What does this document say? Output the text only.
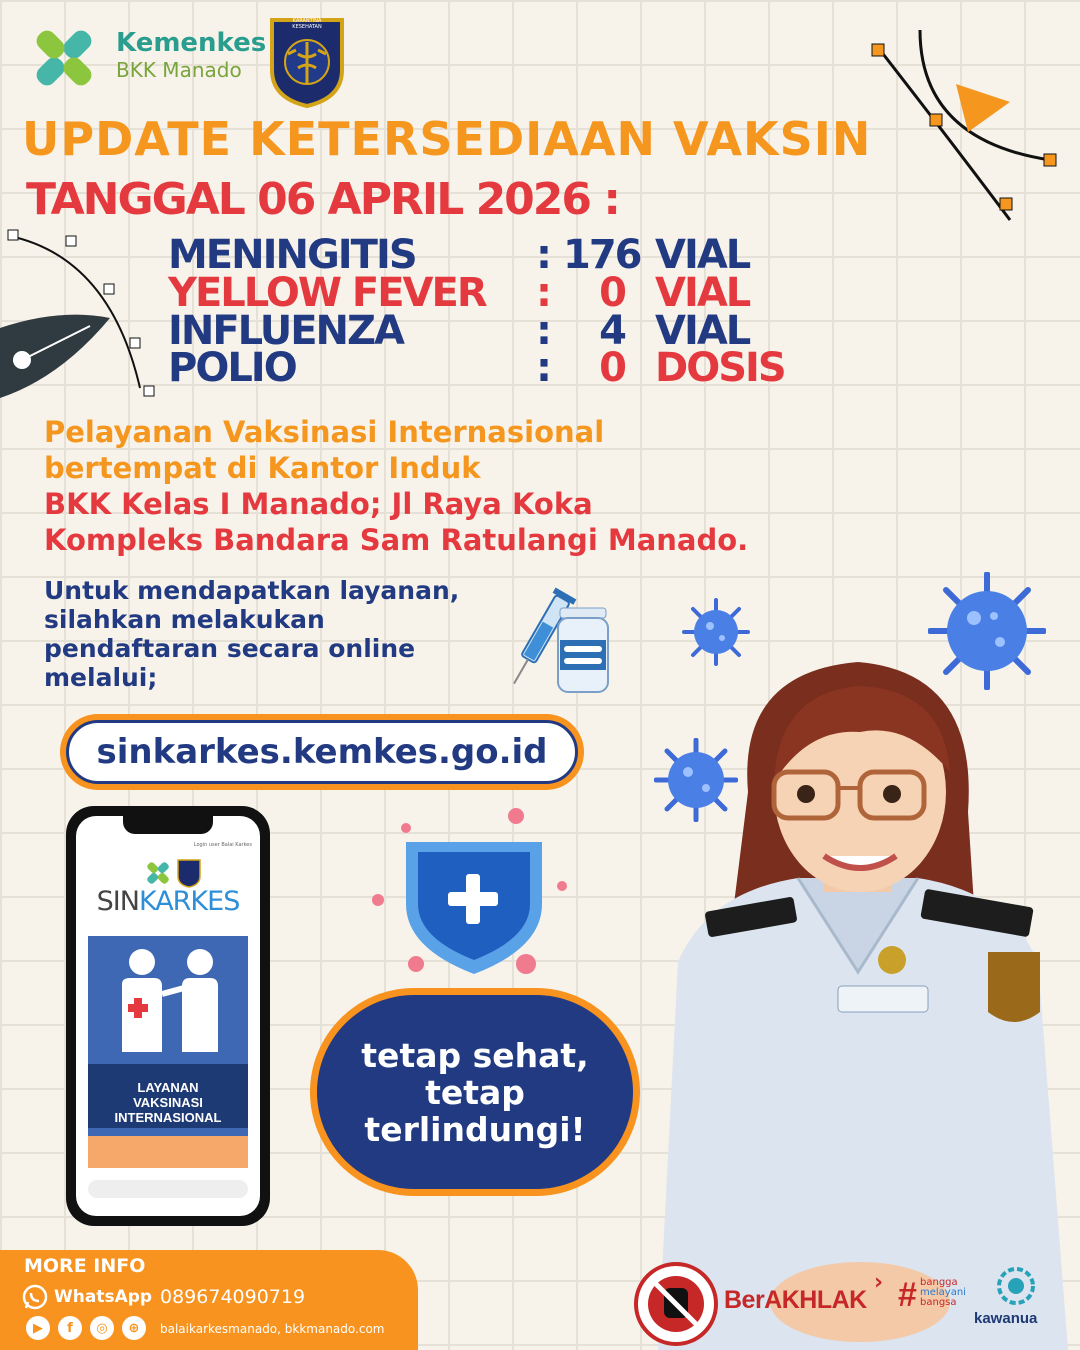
Kemenkes
BKK Manado
KARANTINA KESEHATAN
UPDATE KETERSEDIAAN VAKSIN
TANGGAL 06 APRIL 2026 :
MENINGITIS	: 176 VIAL
YELLOW FEVER :	0 VIAL
INFLUENZA	:	4 VIAL
POLIO	:	0 DOSIS
Pelayanan Vaksinasi Internasional
bertempat di Kantor Induk
BKK Kelas I Manado; Jl Raya Koka
Kompleks Bandara Sam Ratulangi Manado.
Untuk mendapatkan layanan,
silahkan melakukan
pendaftaran secara online
melalui;
sinkarkes.kemkes.go.id
Login user Balai Karkes
SINKARKES
LAYANAN
VAKSINASI
INTERNASIONAL
tetap sehat,
tetap
terlindungi!
MORE INFO
WhatsApp 089674090719
▶	f	◎	⊕	balaikarkesmanado, bkkmanado.com
BerAKHLAK
› # bangga
melayani
bangsa
kawanua
